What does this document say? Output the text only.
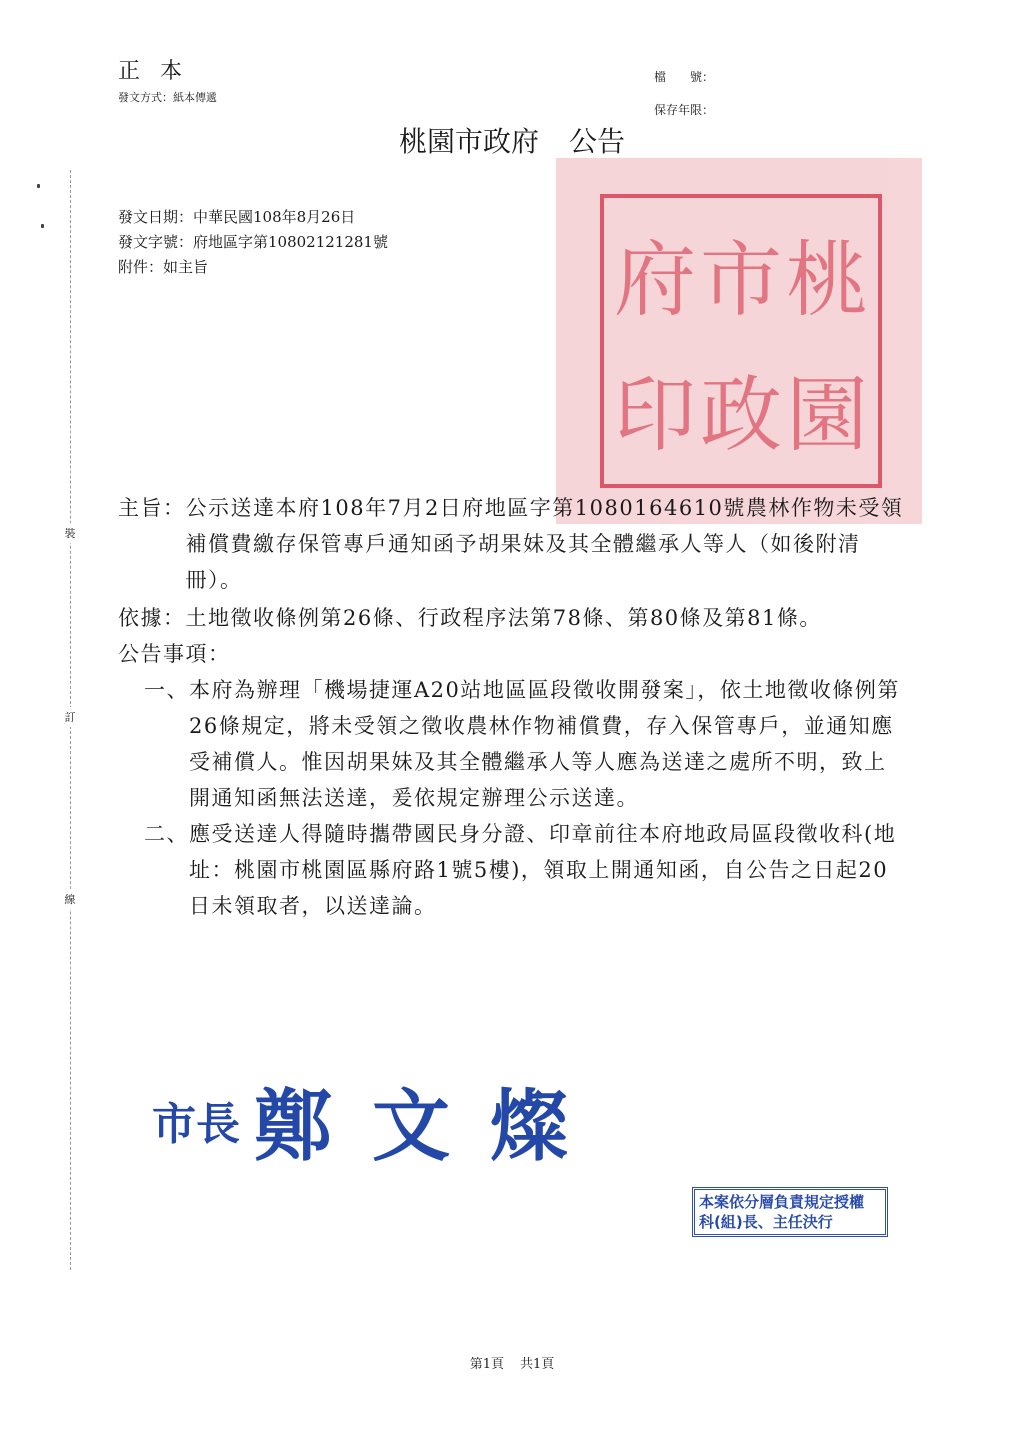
正本
發文方式：紙本傳遞
檔　　號：
保存年限：
桃園市政府 公告
裝
訂
線
發文日期：中華民國108年8月26日
發文字號：府地區字第10802121281號
附件：如主旨	府 市 桃
印 政 園
主旨： 公示送達本府108年7月2日府地區字第1080164610號農林作物未受領補償費繳存保管專戶通知函予胡果妹及其全體繼承人等人（如後附清冊）。
依據： 土地徵收條例第26條、行政程序法第78條、第80條及第81條。
公告事項：
一、 本府為辦理「機場捷運A20站地區區段徵收開發案」，依土地徵收條例第26條規定，將未受領之徵收農林作物補償費，存入保管專戶，並通知應受補償人。惟因胡果妹及其全體繼承人等人應為送達之處所不明，致上開通知函無法送達，爰依規定辦理公示送達。
二、 應受送達人得隨時攜帶國民身分證、印章前往本府地政局區段徵收科(地址：桃園市桃園區縣府路1號5樓)，領取上開通知函，自公告之日起20日未領取者，以送達論。
市長 鄭文燦
本案依分層負責規定授權
科(組)長、主任決行
第1頁 共1頁
